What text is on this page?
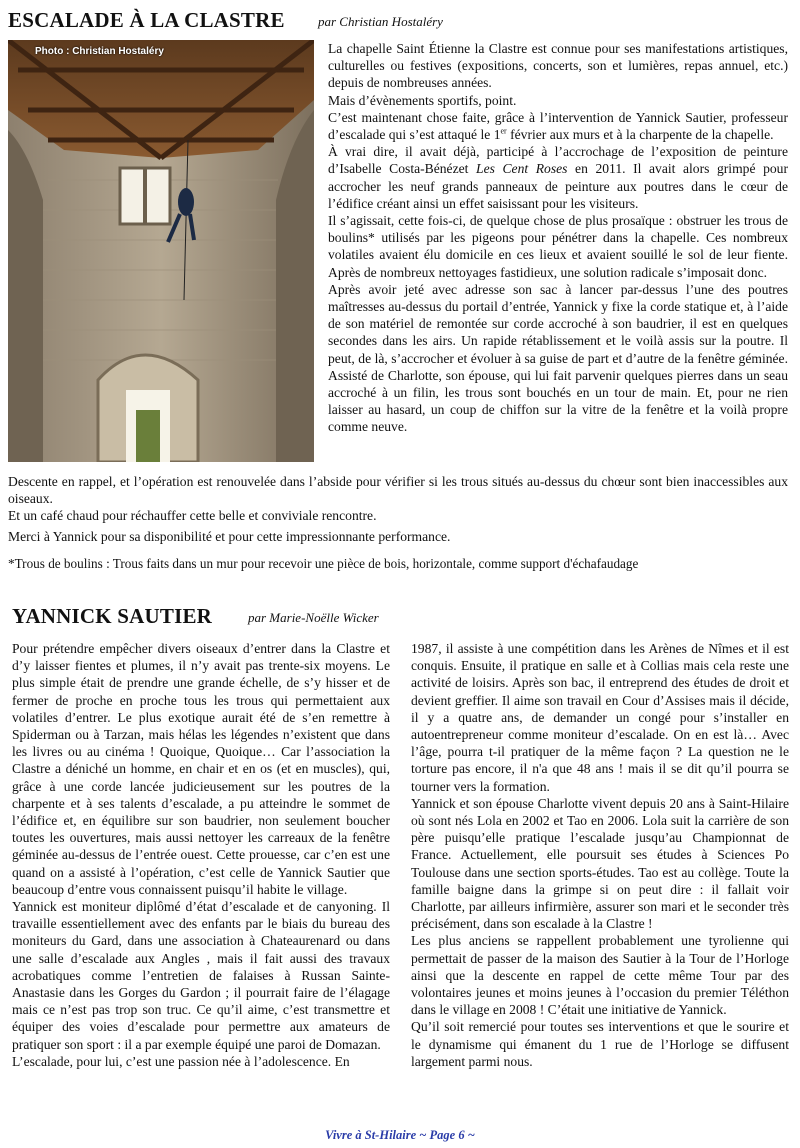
ESCALADE À LA CLASTRE	par Christian Hostaléry
Photo : Christian Hostaléry	La chapelle Saint Étienne la Clastre est connue pour ses manifestations artistiques, culturelles ou festives (expositions, concerts, son et lumières, repas annuel, etc.) depuis de nombreuses années.

Mais d’évènements sportifs, point.

C’est maintenant chose faite, grâce à l’intervention de Yannick Sautier, professeur d’escalade qui s’est attaqué le 1er février aux murs et à la charpente de la chapelle.

À vrai dire, il avait déjà, participé à l’accrochage de l’exposition de peinture d’Isabelle Costa-Bénézet Les Cent Roses en 2011. Il avait alors grimpé pour accrocher les neuf grands panneaux de peinture aux poutres dans le cœur de l’édifice créant ainsi un effet saisissant pour les visiteurs.

Il s’agissait, cette fois-ci, de quelque chose de plus prosaïque : obstruer les trous de boulins* utilisés par les pigeons pour pénétrer dans la chapelle. Ces nombreux volatiles avaient élu domicile en ces lieux et avaient souillé le sol de leur fiente. Après de nombreux nettoyages fastidieux, une solution radicale s’imposait donc.

Après avoir jeté avec adresse son sac à lancer par-dessus l’une des poutres maîtresses au-dessus du portail d’entrée, Yannick y fixe la corde statique et, à l’aide de son matériel de remontée sur corde accroché à son baudrier, il est en quelques secondes dans les airs. Un rapide rétablissement et le voilà assis sur la poutre. Il peut, de là, s’accrocher et évoluer à sa guise de part et d’autre de la fenêtre géminée. Assisté de Charlotte, son épouse, qui lui fait parvenir quelques pierres dans un seau accroché à un filin, les trous sont bouchés en un tour de main. Et, pour ne rien laisser au hasard, un coup de chiffon sur la vitre de la fenêtre et la voilà propre comme neuve.

Descente en rappel, et l’opération est renouvelée dans l’abside pour vérifier si les trous situés au-dessus du chœur sont bien inaccessibles aux oiseaux.

Et un café chaud pour réchauffer cette belle et conviviale rencontre.

Merci à Yannick pour sa disponibilité et pour cette impressionnante performance.

*Trous de boulins : Trous faits dans un mur pour recevoir une pièce de bois, horizontale, comme support d'échafaudage

YANNICK SAUTIER	par Marie-Noëlle Wicker

Pour prétendre empêcher divers oiseaux d’entrer dans la Clastre et d’y laisser fientes et plumes, il n’y avait pas trente-six moyens. Le plus simple était de prendre une grande échelle, de s’y hisser et de fermer de proche en proche tous les trous qui permettaient aux volatiles d’entrer. Le plus exotique aurait été de s’en remettre à Spiderman ou à Tarzan, mais hélas les légendes n’existent que dans les livres ou au cinéma ! Quoique, Quoique… Car l’association la Clastre a déniché un homme, en chair et en os (et en muscles), qui, grâce à une corde lancée judicieusement sur les poutres de la charpente et à ses talents d’escalade, a pu atteindre le sommet de l’édifice et, en équilibre sur son baudrier, non seulement boucher toutes les ouvertures, mais aussi nettoyer les carreaux de la fenêtre géminée au-dessus de l’entrée ouest. Cette prouesse, car c’en est une quand on a assisté à l’opération, c’est celle de Yannick Sautier que beaucoup d’entre vous connaissent puisqu’il habite le village.

Yannick est moniteur diplômé d’état d’escalade et de canyoning. Il travaille essentiellement avec des enfants par le biais du bureau des moniteurs du Gard, dans une association à Chateaurenard ou dans une salle d’escalade aux Angles , mais il fait aussi des travaux acrobatiques comme l’entretien de falaises à Russan Sainte-Anastasie dans les Gorges du Gardon ; il pourrait faire de l’élagage mais ce n’est pas trop son truc. Ce qu’il aime, c’est transmettre et équiper des voies d’escalade pour permettre aux amateurs de pratiquer son sport : il a par exemple équipé une paroi de Domazan.

L’escalade, pour lui, c’est une passion née à l’adolescence. En

1987, il assiste à une compétition dans les Arènes de Nîmes et il est conquis. Ensuite, il pratique en salle et à Collias mais cela reste une activité de loisirs. Après son bac, il entreprend des études de droit et devient greffier. Il aime son travail en Cour d’Assises mais il décide, il y a quatre ans, de demander un congé pour s’installer en autoentrepreneur comme moniteur d’escalade. On en est là… Avec l’âge, pourra t-il pratiquer de la même façon ? La question ne le torture pas encore, il n'a que 48 ans ! mais il se dit qu’il pourra se tourner vers la formation.

Yannick et son épouse Charlotte vivent depuis 20 ans à Saint-Hilaire où sont nés Lola en 2002 et Tao en 2006. Lola suit la carrière de son père puisqu’elle pratique l’escalade jusqu’au Championnat de France. Actuellement, elle poursuit ses études à Sciences Po Toulouse dans une section sports-études. Tao est au collège. Toute la famille baigne dans la grimpe si on peut dire : il fallait voir Charlotte, par ailleurs infirmière, assurer son mari et le seconder très précisément, dans son escalade à la Clastre !

Les plus anciens se rappellent probablement une tyrolienne qui permettait de passer de la maison des Sautier à la Tour de l’Horloge ainsi que la descente en rappel de cette même Tour par des volontaires jeunes et moins jeunes à l’occasion du premier Téléthon dans le village en 2008 ! C’était une initiative de Yannick.

Qu’il soit remercié pour toutes ses interventions et que le sourire et le dynamisme qui émanent du 1 rue de l’Horloge se diffusent largement parmi nous.

Vivre à St-Hilaire ~ Page 6 ~
